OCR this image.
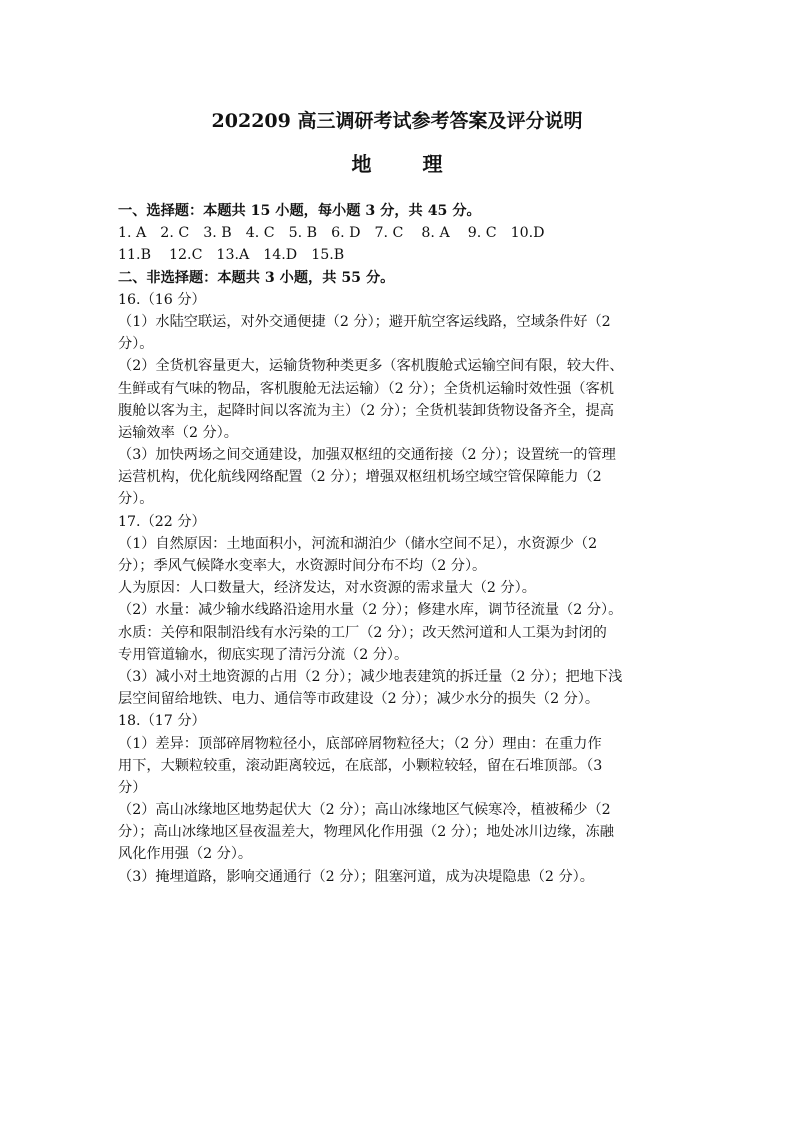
202209 高三调研考试参考答案及评分说明
地 理
一、选择题：本题共 15 小题，每小题 3 分，共 45 分。
1. A 2. C 3. B 4. C 5. B 6. D 7. C 8. A 9. C 10.D
11.B 12.C 13.A 14.D 15.B
二、非选择题：本题共 3 小题，共 55 分。
16.（16 分）
（1）水陆空联运，对外交通便捷（2 分）；避开航空客运线路，空域条件好（2
分）。
（2）全货机容量更大，运输货物种类更多（客机腹舱式运输空间有限，较大件、
生鲜或有气味的物品，客机腹舱无法运输）（2 分）；全货机运输时效性强（客机
腹舱以客为主，起降时间以客流为主）（2 分）；全货机装卸货物设备齐全，提高
运输效率（2 分）。
（3）加快两场之间交通建设，加强双枢纽的交通衔接（2 分）；设置统一的管理
运营机构，优化航线网络配置（2 分）；增强双枢纽机场空域空管保障能力（2
分）。
17.（22 分）
（1）自然原因：土地面积小，河流和湖泊少（储水空间不足），水资源少（2
分）；季风气候降水变率大，水资源时间分布不均（2 分）。
人为原因：人口数量大，经济发达，对水资源的需求量大（2 分）。
（2）水量：减少输水线路沿途用水量（2 分）；修建水库，调节径流量（2 分）。
水质：关停和限制沿线有水污染的工厂（2 分）；改天然河道和人工渠为封闭的
专用管道输水，彻底实现了清污分流（2 分）。
（3）减小对土地资源的占用（2 分）；减少地表建筑的拆迁量（2 分）；把地下浅
层空间留给地铁、电力、通信等市政建设（2 分）；减少水分的损失（2 分）。
18.（17 分）
（1）差异：顶部碎屑物粒径小，底部碎屑物粒径大；（2 分）理由：在重力作
用下，大颗粒较重，滚动距离较远，在底部，小颗粒较轻，留在石堆顶部。（3
分）
（2）高山冰缘地区地势起伏大（2 分）；高山冰缘地区气候寒冷，植被稀少（2
分）；高山冰缘地区昼夜温差大，物理风化作用强（2 分）；地处冰川边缘，冻融
风化作用强（2 分）。
（3）掩埋道路，影响交通通行（2 分）；阻塞河道，成为决堤隐患（2 分）。
